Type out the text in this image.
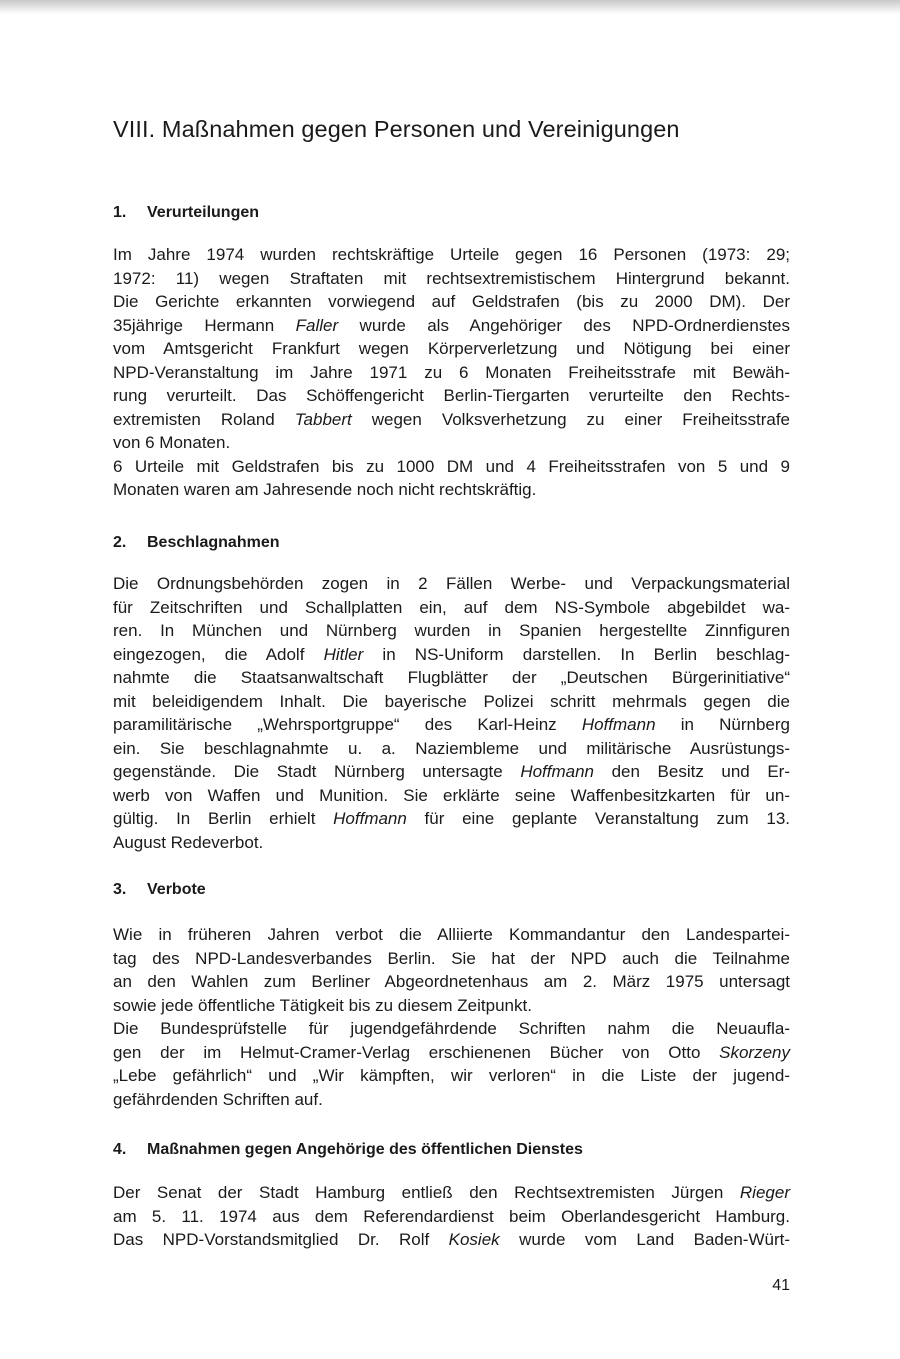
VIII. Maßnahmen gegen Personen und Vereinigungen
1. Verurteilungen

Im Jahre 1974 wurden rechtskräftige Urteile gegen 16 Personen (1973: 29;
1972: 11) wegen Straftaten mit rechtsextremistischem Hintergrund bekannt.
Die Gerichte erkannten vorwiegend auf Geldstrafen (bis zu 2000 DM). Der
35jährige Hermann Faller wurde als Angehöriger des NPD-Ordnerdienstes
vom Amtsgericht Frankfurt wegen Körperverletzung und Nötigung bei einer
NPD-Veranstaltung im Jahre 1971 zu 6 Monaten Freiheitsstrafe mit Bewäh-
rung verurteilt. Das Schöffengericht Berlin-Tiergarten verurteilte den Rechts-
extremisten Roland Tabbert wegen Volksverhetzung zu einer Freiheitsstrafe
von 6 Monaten.
6 Urteile mit Geldstrafen bis zu 1000 DM und 4 Freiheitsstrafen von 5 und 9
Monaten waren am Jahresende noch nicht rechtskräftig.

2. Beschlagnahmen

Die Ordnungsbehörden zogen in 2 Fällen Werbe- und Verpackungsmaterial
für Zeitschriften und Schallplatten ein, auf dem NS-Symbole abgebildet wa-
ren. In München und Nürnberg wurden in Spanien hergestellte Zinnfiguren
eingezogen, die Adolf Hitler in NS-Uniform darstellen. In Berlin beschlag-
nahmte die Staatsanwaltschaft Flugblätter der „Deutschen Bürgerinitiative“
mit beleidigendem Inhalt. Die bayerische Polizei schritt mehrmals gegen die
paramilitärische „Wehrsportgruppe“ des Karl-Heinz Hoffmann in Nürnberg
ein. Sie beschlagnahmte u. a. Naziembleme und militärische Ausrüstungs-
gegenstände. Die Stadt Nürnberg untersagte Hoffmann den Besitz und Er-
werb von Waffen und Munition. Sie erklärte seine Waffenbesitzkarten für un-
gültig. In Berlin erhielt Hoffmann für eine geplante Veranstaltung zum 13.
August Redeverbot.

3. Verbote

Wie in früheren Jahren verbot die Alliierte Kommandantur den Landespartei-
tag des NPD-Landesverbandes Berlin. Sie hat der NPD auch die Teilnahme
an den Wahlen zum Berliner Abgeordnetenhaus am 2. März 1975 untersagt
sowie jede öffentliche Tätigkeit bis zu diesem Zeitpunkt.
Die Bundesprüfstelle für jugendgefährdende Schriften nahm die Neuaufla-
gen der im Helmut-Cramer-Verlag erschienenen Bücher von Otto Skorzeny
„Lebe gefährlich“ und „Wir kämpften, wir verloren“ in die Liste der jugend-
gefährdenden Schriften auf.

4. Maßnahmen gegen Angehörige des öffentlichen Dienstes

Der Senat der Stadt Hamburg entließ den Rechtsextremisten Jürgen Rieger
am 5. 11. 1974 aus dem Referendardienst beim Oberlandesgericht Hamburg.
Das NPD-Vorstandsmitglied Dr. Rolf Kosiek wurde vom Land Baden-Würt-

41
